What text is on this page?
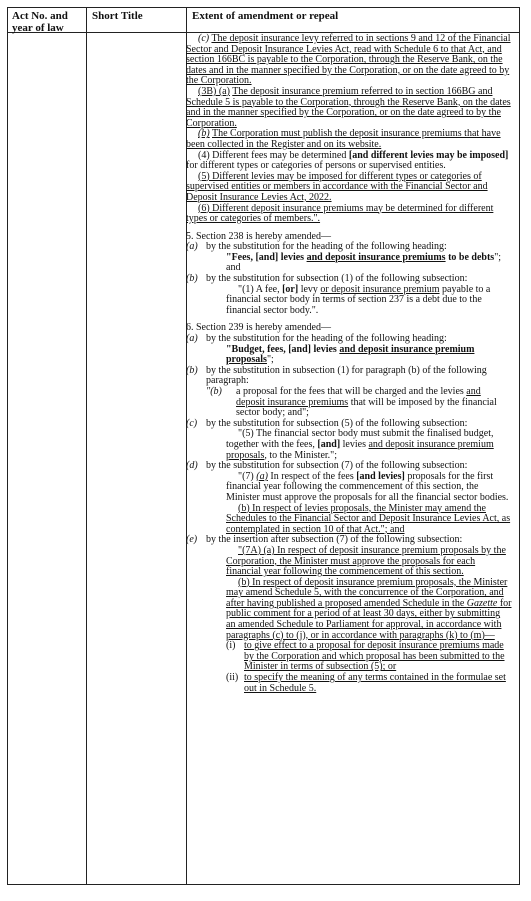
Act No. and year of law
Short Title	Extent of amendment or repeal

(c) The deposit insurance levy referred to in sections 9 and 12 of the Financial Sector and Deposit Insurance Levies Act, read with Schedule 6 to that Act, and section 166BC is payable to the Corporation, through the Reserve Bank, on the dates and in the manner specified by the Corporation, or on the date agreed to by the Corporation.

(3B) (a) The deposit insurance premium referred to in section 166BG and Schedule 5 is payable to the Corporation, through the Reserve Bank, on the dates and in the manner specified by the Corporation, or on the date agreed to by the Corporation.

(b) The Corporation must publish the deposit insurance premiums that have been collected in the Register and on its website.

(4) Different fees may be determined [and different levies may be imposed] for different types or categories of persons or supervised entities.

(5) Different levies may be imposed for different types or categories of supervised entities or members in accordance with the Financial Sector and Deposit Insurance Levies Act, 2022.

(6) Different deposit insurance premiums may be determined for different types or categories of members.".

5. Section 238 is hereby amended—

(a) by the substitution for the heading of the following heading:

"Fees, [and] levies and deposit insurance premiums to be debts"; and

(b) by the substitution for subsection (1) of the following subsection:

"(1) A fee, [or] levy or deposit insurance premium payable to a financial sector body in terms of section 237 is a debt due to the financial sector body.".

6. Section 239 is hereby amended—

(a) by the substitution for the heading of the following heading:

"Budget, fees, [and] levies and deposit insurance premium proposals";

(b) by the substitution in subsection (1) for paragraph (b) of the following paragraph:
"(b)	a proposal for the fees that will be charged and the levies and deposit insurance premiums that will be imposed by the financial sector body; and";
(c) by the substitution for subsection (5) of the following subsection:

"(5) The financial sector body must submit the finalised budget, together with the fees, [and] levies and deposit insurance premium proposals, to the Minister.";

(d) by the substitution for subsection (7) of the following subsection:

"(7) (a) In respect of the fees [and levies] proposals for the first financial year following the commencement of this section, the Minister must approve the proposals for all the financial sector bodies.

(b) In respect of levies proposals, the Minister may amend the Schedules to the Financial Sector and Deposit Insurance Levies Act, as contemplated in section 10 of that Act."; and

(e) by the insertion after subsection (7) of the following subsection:

"(7A) (a) In respect of deposit insurance premium proposals by the Corporation, the Minister must approve the proposals for each financial year following the commencement of this section.

(b) In respect of deposit insurance premium proposals, the Minister may amend Schedule 5, with the concurrence of the Corporation, and after having published a proposed amended Schedule in the Gazette for public comment for a period of at least 30 days, either by submitting an amended Schedule to Parliament for approval, in accordance with paragraphs (c) to (j), or in accordance with paragraphs (k) to (m)—

(i) to give effect to a proposal for deposit insurance premiums made by the Corporation and which proposal has been submitted to the Minister in terms of subsection (5); or
(ii) to specify the meaning of any terms contained in the formulae set out in Schedule 5.
